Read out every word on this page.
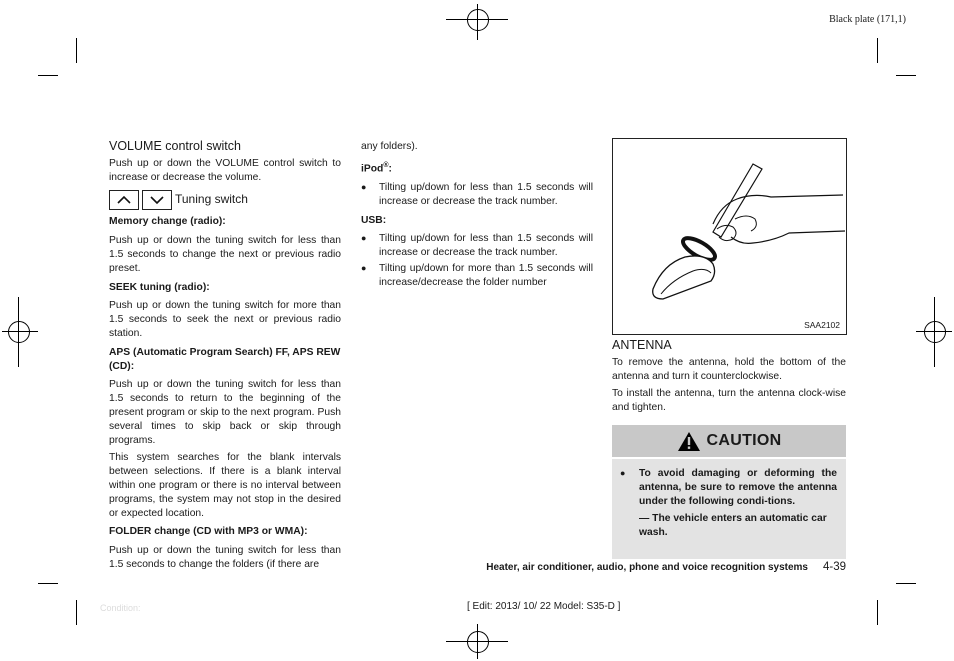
Black plate (171,1)
VOLUME control switch
Push up or down the VOLUME control switch to increase or decrease the volume.
Tuning switch
Memory change (radio):
Push up or down the tuning switch for less than 1.5 seconds to change the next or previous radio preset.
SEEK tuning (radio):
Push up or down the tuning switch for more than 1.5 seconds to seek the next or previous radio station.
APS (Automatic Program Search) FF, APS REW (CD):
Push up or down the tuning switch for less than 1.5 seconds to return to the beginning of the present program or skip to the next program. Push several times to skip back or skip through programs.
This system searches for the blank intervals between selections. If there is a blank interval within one program or there is no interval between programs, the system may not stop in the desired or expected location.
FOLDER change (CD with MP3 or WMA):
Push up or down the tuning switch for less than 1.5 seconds to change the folders (if there are
any folders).
iPod®:
●	Tilting up/down for less than 1.5 seconds will increase or decrease the track number.
USB:
●	Tilting up/down for less than 1.5 seconds will increase or decrease the track number.
●	Tilting up/down for more than 1.5 seconds will increase/decrease the folder number
SAA2102
ANTENNA
To remove the antenna, hold the bottom of the antenna and turn it counterclockwise.
To install the antenna, turn the antenna clock-wise and tighten.
CAUTION
●	To avoid damaging or deforming the antenna, be sure to remove the antenna under the following condi-tions.
— The vehicle enters an automatic car wash.
Heater, air conditioner, audio, phone and voice recognition systems 4-39
Condition:	[ Edit: 2013/ 10/ 22 Model: S35-D ]
